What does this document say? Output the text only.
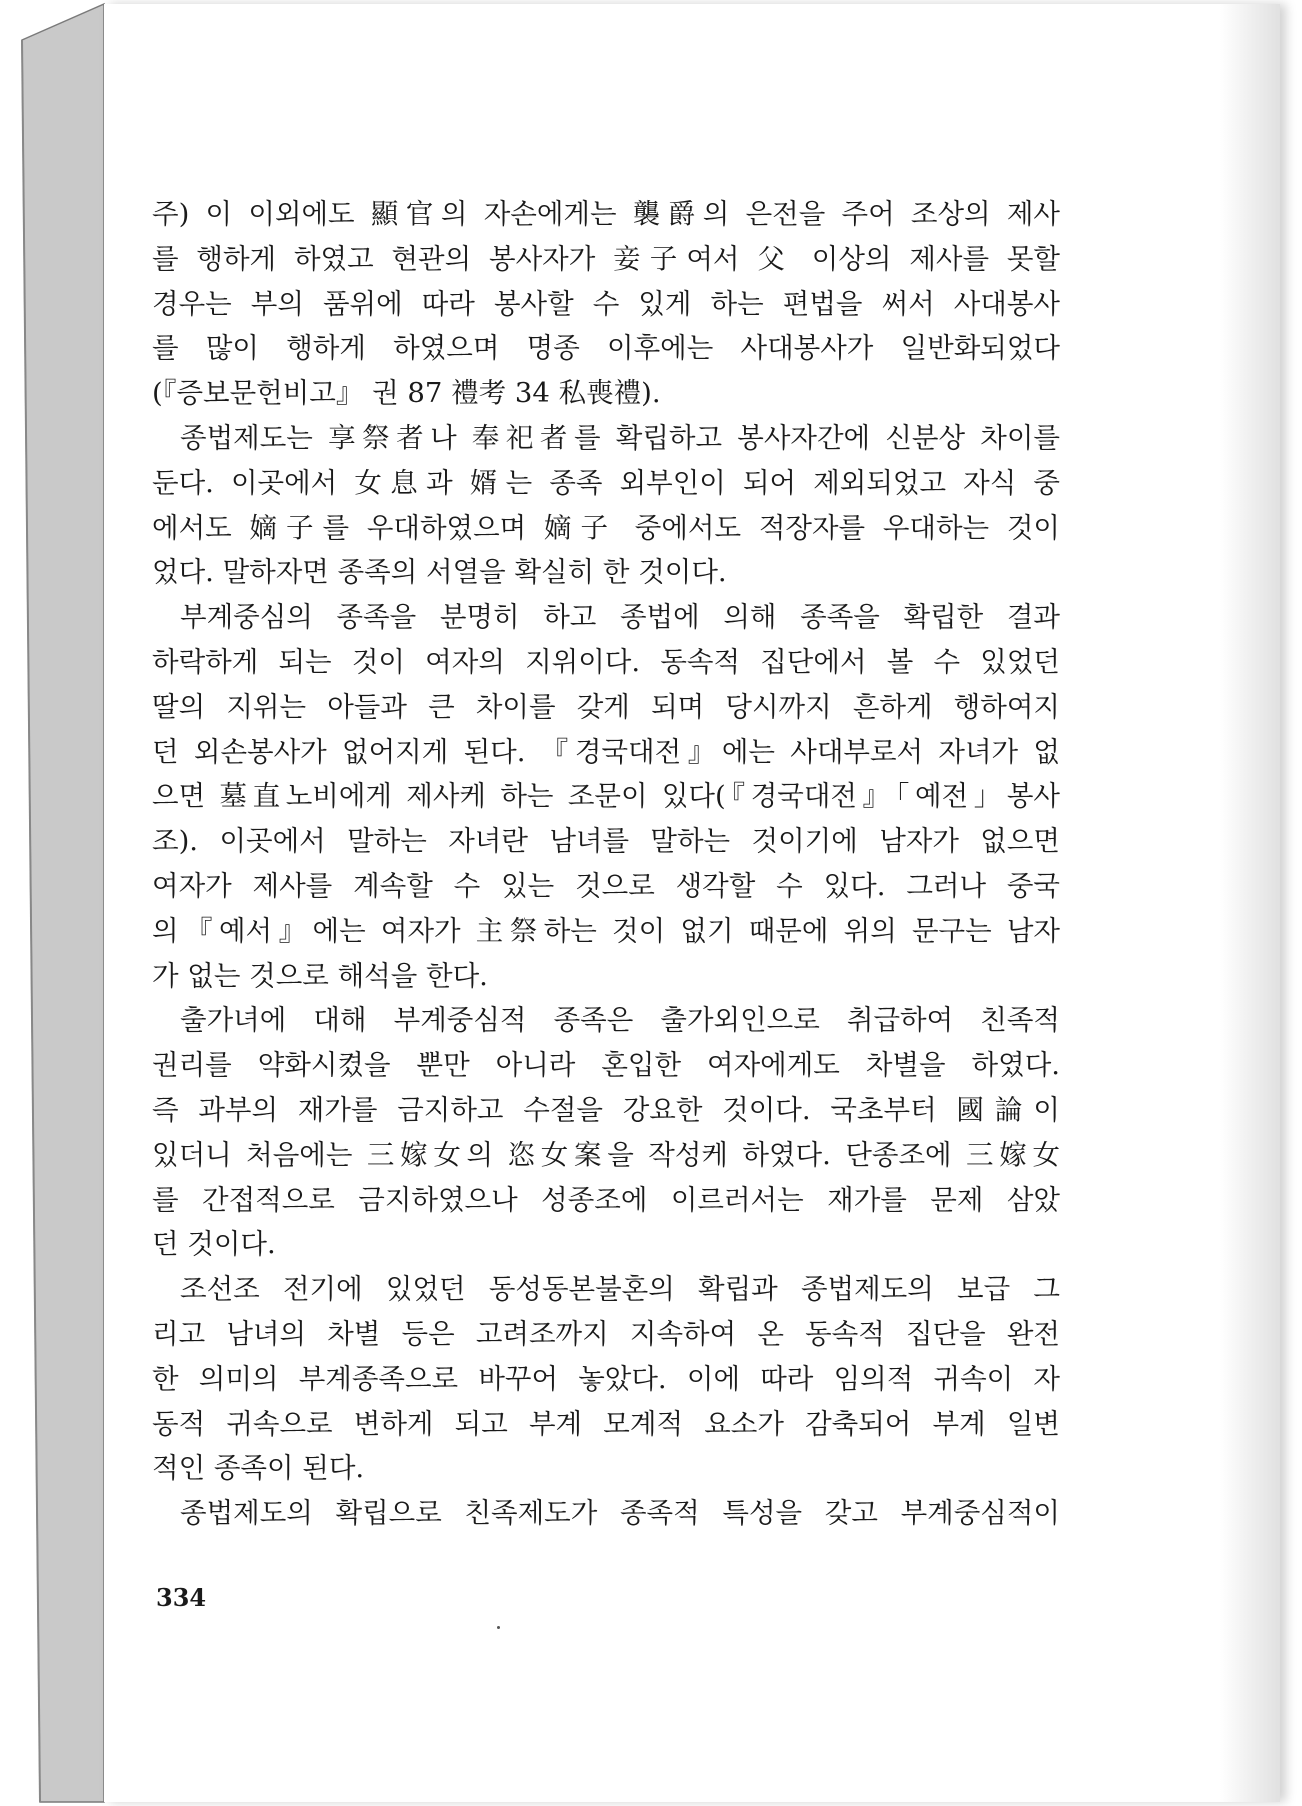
주) 이 이외에도 顯官의 자손에게는 襲爵의 은전을 주어 조상의 제사
를 행하게 하였고 현관의 봉사자가 妾子여서 父 이상의 제사를 못할
경우는 부의 품위에 따라 봉사할 수 있게 하는 편법을 써서 사대봉사
를 많이 행하게 하였으며 명종 이후에는 사대봉사가 일반화되었다
(『증보문헌비고』 권 87 禮考 34 私喪禮).
종법제도는 享祭者나 奉祀者를 확립하고 봉사자간에 신분상 차이를
둔다. 이곳에서 女息과 婿는 종족 외부인이 되어 제외되었고 자식 중
에서도 嫡子를 우대하였으며 嫡子 중에서도 적장자를 우대하는 것이
었다. 말하자면 종족의 서열을 확실히 한 것이다.
부계중심의 종족을 분명히 하고 종법에 의해 종족을 확립한 결과
하락하게 되는 것이 여자의 지위이다. 동속적 집단에서 볼 수 있었던
딸의 지위는 아들과 큰 차이를 갖게 되며 당시까지 흔하게 행하여지
던 외손봉사가 없어지게 된다. 『경국대전』에는 사대부로서 자녀가 없
으면 墓直노비에게 제사케 하는 조문이 있다(『경국대전』「예전」봉사
조). 이곳에서 말하는 자녀란 남녀를 말하는 것이기에 남자가 없으면
여자가 제사를 계속할 수 있는 것으로 생각할 수 있다. 그러나 중국
의『예서』에는 여자가 主祭하는 것이 없기 때문에 위의 문구는 남자
가 없는 것으로 해석을 한다.
출가녀에 대해 부계중심적 종족은 출가외인으로 취급하여 친족적
권리를 약화시켰을 뿐만 아니라 혼입한 여자에게도 차별을 하였다.
즉 과부의 재가를 금지하고 수절을 강요한 것이다. 국초부터 國論이
있더니 처음에는 三嫁女의 恣女案을 작성케 하였다. 단종조에 三嫁女
를 간접적으로 금지하였으나 성종조에 이르러서는 재가를 문제 삼았
던 것이다.
조선조 전기에 있었던 동성동본불혼의 확립과 종법제도의 보급 그
리고 남녀의 차별 등은 고려조까지 지속하여 온 동속적 집단을 완전
한 의미의 부계종족으로 바꾸어 놓았다. 이에 따라 임의적 귀속이 자
동적 귀속으로 변하게 되고 부계 모계적 요소가 감축되어 부계 일변
적인 종족이 된다.
종법제도의 확립으로 친족제도가 종족적 특성을 갖고 부계중심적이
334
